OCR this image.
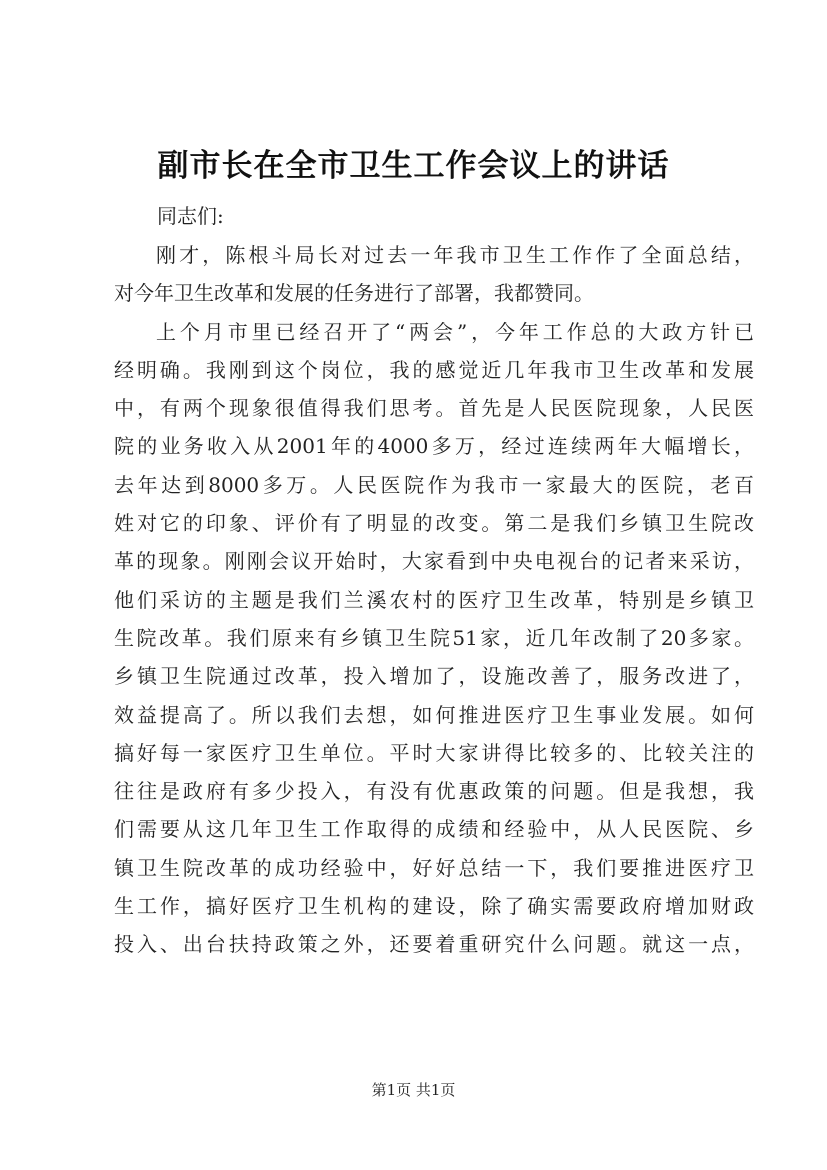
副市长在全市卫生工作会议上的讲话
同志们:
刚才，陈根斗局长对过去一年我市卫生工作作了全面总结，
对今年卫生改革和发展的任务进行了部署，我都赞同。
上个月市里已经召开了“两会”，今年工作总的大政方针已
经明确。我刚到这个岗位，我的感觉近几年我市卫生改革和发展
中，有两个现象很值得我们思考。首先是人民医院现象，人民医
院的业务收入从2001年的4000多万，经过连续两年大幅增长，
去年达到8000多万。人民医院作为我市一家最大的医院，老百
姓对它的印象、评价有了明显的改变。第二是我们乡镇卫生院改
革的现象。刚刚会议开始时，大家看到中央电视台的记者来采访，
他们采访的主题是我们兰溪农村的医疗卫生改革，特别是乡镇卫
生院改革。我们原来有乡镇卫生院51家，近几年改制了20多家。
乡镇卫生院通过改革，投入增加了，设施改善了，服务改进了，
效益提高了。所以我们去想，如何推进医疗卫生事业发展。如何
搞好每一家医疗卫生单位。平时大家讲得比较多的、比较关注的
往往是政府有多少投入，有没有优惠政策的问题。但是我想，我
们需要从这几年卫生工作取得的成绩和经验中，从人民医院、乡
镇卫生院改革的成功经验中，好好总结一下，我们要推进医疗卫
生工作，搞好医疗卫生机构的建设，除了确实需要政府增加财政
投入、出台扶持政策之外，还要着重研究什么问题。就这一点，
第1页 共1页
